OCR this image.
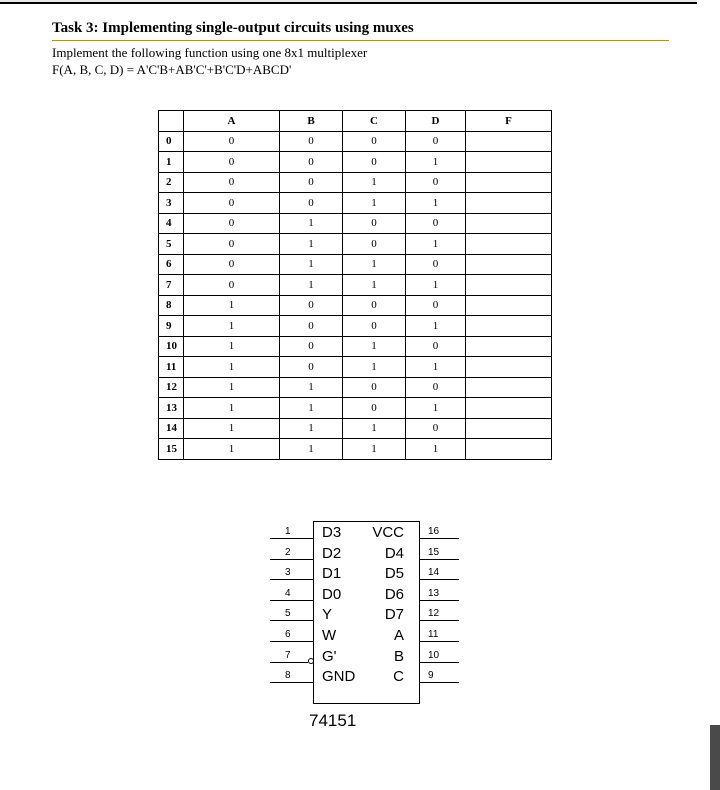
Task 3: Implementing single-output circuits using muxes
Implement the following function using one 8x1 multiplexer
F(A, B, C, D) = A'C'B+AB'C'+B'C'D+ABCD'
	A	B	C	D	F
0	0	0	0	0	
1	0	0	0	1	
2	0	0	1	0	
3	0	0	1	1	
4	0	1	0	0	
5	0	1	0	1	
6	0	1	1	0	
7	0	1	1	1	
8	1	0	0	0	
9	1	0	0	1	
10	1	0	1	0	
11	1	0	1	1	
12	1	1	0	0	
13	1	1	0	1	
14	1	1	1	0	
15	1	1	1	1	
1 D3
2 D2
3 D1
4 D0
5 Y
6 W
7 G'
8 GND
16
VCC
15
D4
14
D5
13
D6
12
D7
11
A
10
B
9
C
74151
